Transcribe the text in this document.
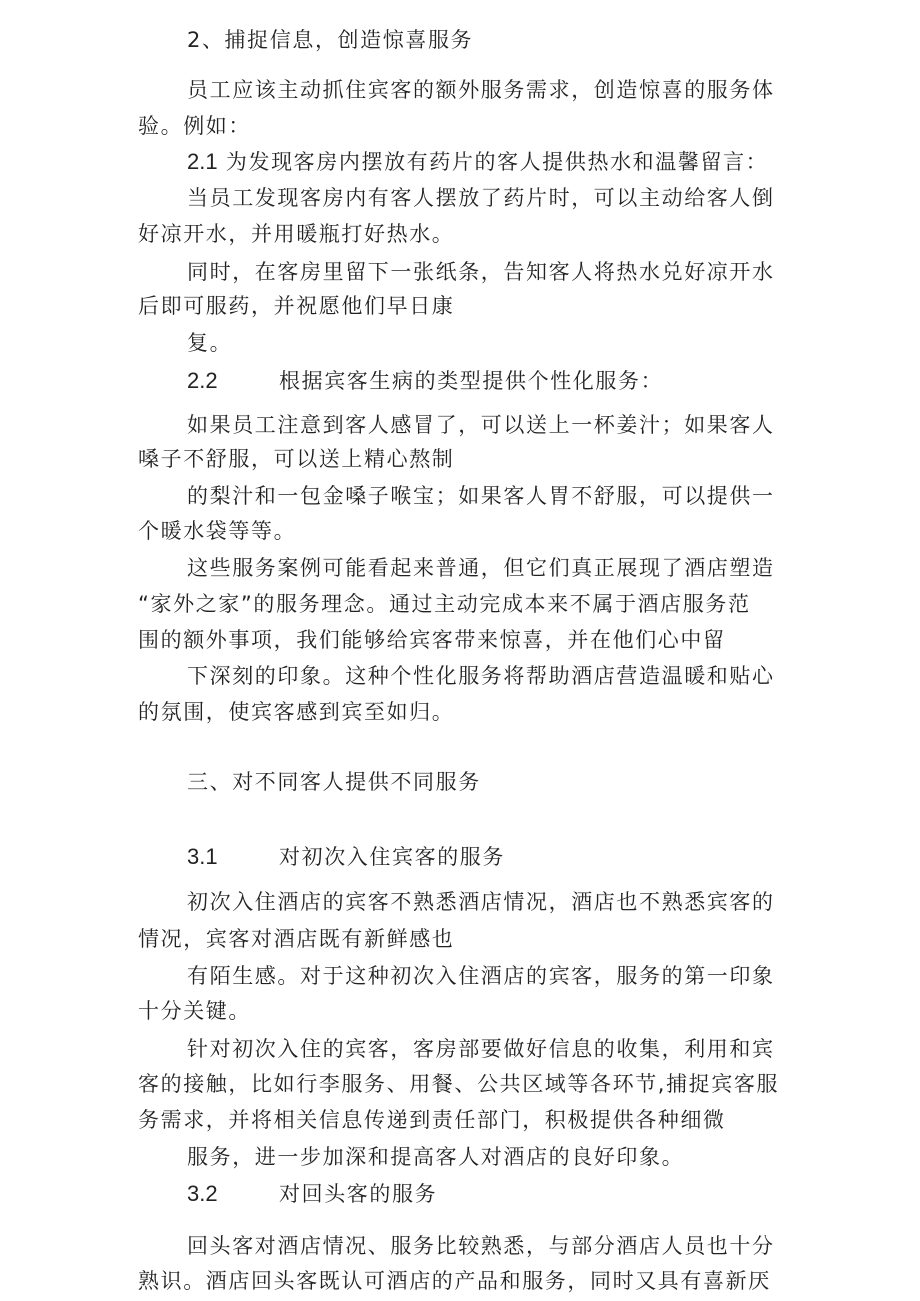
2、捕捉信息，创造惊喜服务
员工应该主动抓住宾客的额外服务需求，创造惊喜的服务体
验。例如：
2.1 为发现客房内摆放有药片的客人提供热水和温馨留言：
当员工发现客房内有客人摆放了药片时，可以主动给客人倒
好凉开水，并用暖瓶打好热水。
同时，在客房里留下一张纸条，告知客人将热水兑好凉开水
后即可服药，并祝愿他们早日康
复。
2.2	根据宾客生病的类型提供个性化服务：
如果员工注意到客人感冒了，可以送上一杯姜汁；如果客人
嗓子不舒服，可以送上精心熬制
的梨汁和一包金嗓子喉宝；如果客人胃不舒服，可以提供一
个暖水袋等等。
这些服务案例可能看起来普通，但它们真正展现了酒店塑造
“家外之家”的服务理念。通过主动完成本来不属于酒店服务范
围的额外事项，我们能够给宾客带来惊喜，并在他们心中留
下深刻的印象。这种个性化服务将帮助酒店营造温暖和贴心
的氛围，使宾客感到宾至如归。
三、对不同客人提供不同服务
3.1	对初次入住宾客的服务
初次入住酒店的宾客不熟悉酒店情况，酒店也不熟悉宾客的
情况，宾客对酒店既有新鲜感也
有陌生感。对于这种初次入住酒店的宾客，服务的第一印象
十分关键。
针对初次入住的宾客，客房部要做好信息的收集，利用和宾
客的接触，比如行李服务、用餐、公共区域等各环节,捕捉宾客服
务需求，并将相关信息传递到责任部门，积极提供各种细微
服务，进一步加深和提高客人对酒店的良好印象。
3.2	对回头客的服务
回头客对酒店情况、服务比较熟悉，与部分酒店人员也十分
熟识。酒店回头客既认可酒店的产品和服务，同时又具有喜新厌
